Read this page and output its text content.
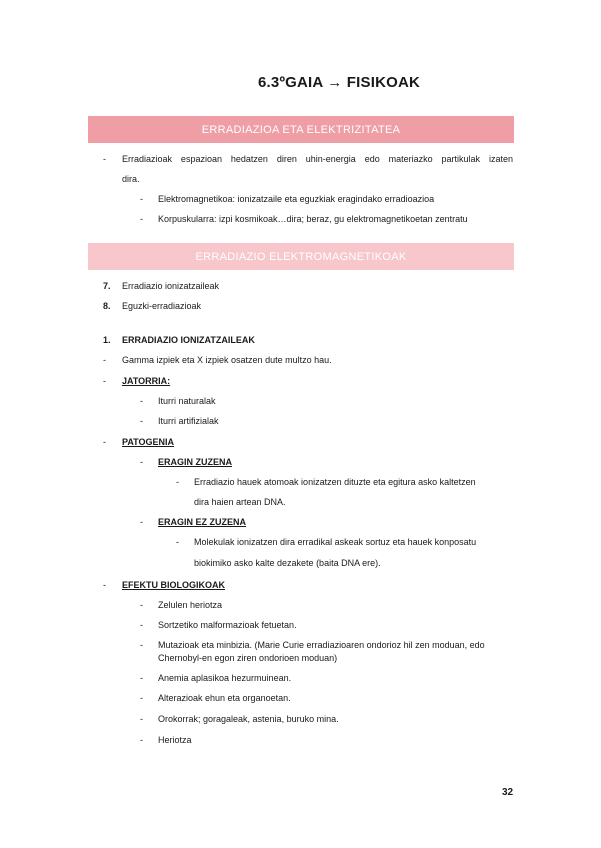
6.3ºGAIA → FISIKOAK
ERRADIAZIOA ETA ELEKTRIZITATEA
- Erradiazioak espazioan hedatzen diren uhin-energia edo materiazko partikulak izaten
dira.
- Elektromagnetikoa: ionizatzaile eta eguzkiak eragindako erradioazioa
- Korpuskularra: izpi kosmikoak…dira; beraz, gu elektromagnetikoetan zentratu
ERRADIAZIO ELEKTROMAGNETIKOAK
7. Erradiazio ionizatzaileak
8. Eguzki-erradiazioak
1. ERRADIAZIO IONIZATZAILEAK
- Gamma izpiek eta X izpiek osatzen dute multzo hau.
- JATORRIA:
- Iturri naturalak
- Iturri artifizialak
- PATOGENIA
- ERAGIN ZUZENA
- Erradiazio hauek atomoak ionizatzen dituzte eta egitura asko kaltetzen
dira haien artean DNA.
- ERAGIN EZ ZUZENA
- Molekulak ionizatzen dira erradikal askeak sortuz eta hauek konposatu
biokimiko asko kalte dezakete (baita DNA ere).
- EFEKTU BIOLOGIKOAK
- Zelulen heriotza
- Sortzetiko malformazioak fetuetan.
- Mutazioak eta minbizia. (Marie Curie erradiazioaren ondorioz hil zen moduan, edo
Chernobyl-en egon ziren ondorioen moduan)
- Anemia aplasikoa hezurmuinean.
- Alterazioak ehun eta organoetan.
- Orokorrak; goragaleak, astenia, buruko mina.
- Heriotza
32
